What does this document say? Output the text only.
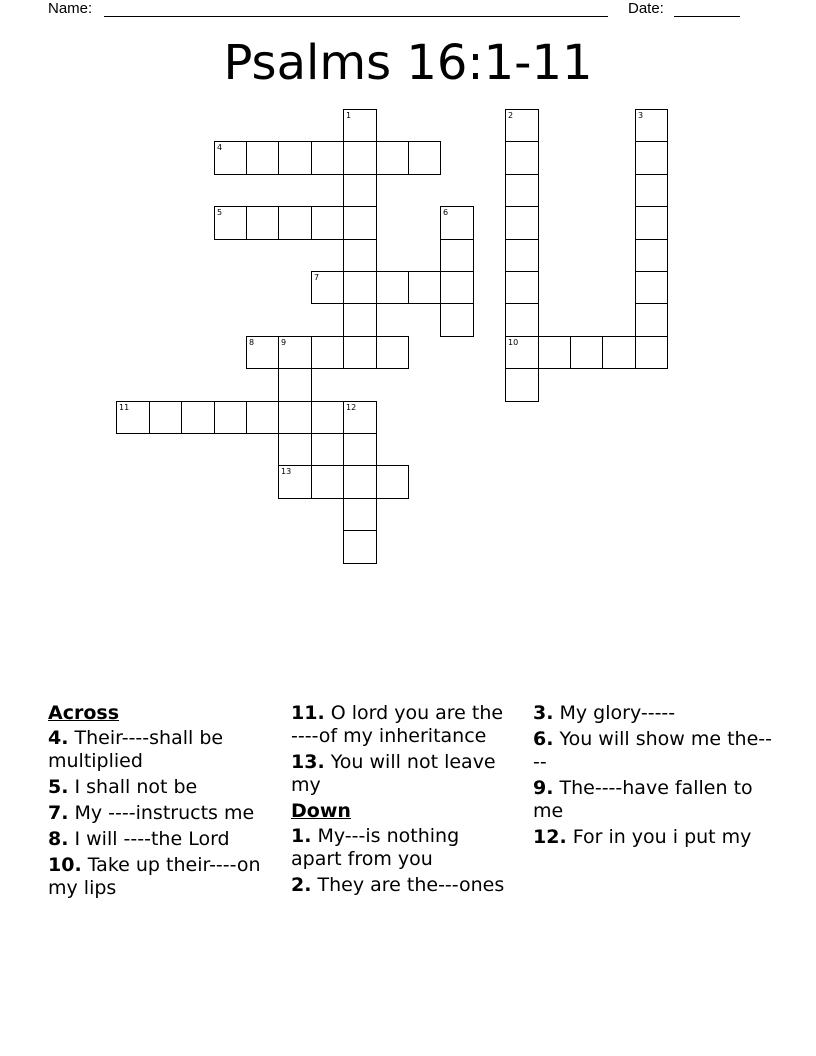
Name:	Date:
Psalms 16:1-11
1	2
10
3
4
5	6
7
8	9
13
11	12
Across
4. Their----shall be multiplied
5. I shall not be
7. My ----instructs me
8. I will ----the Lord
10. Take up their----on my lips
11. O lord you are the ----of my inheritance
13. You will not leave my
Down
1. My---is nothing apart from you
2. They are the---ones
3. My glory-----
6. You will show me the----
9. The----have fallen to me
12. For in you i put my
